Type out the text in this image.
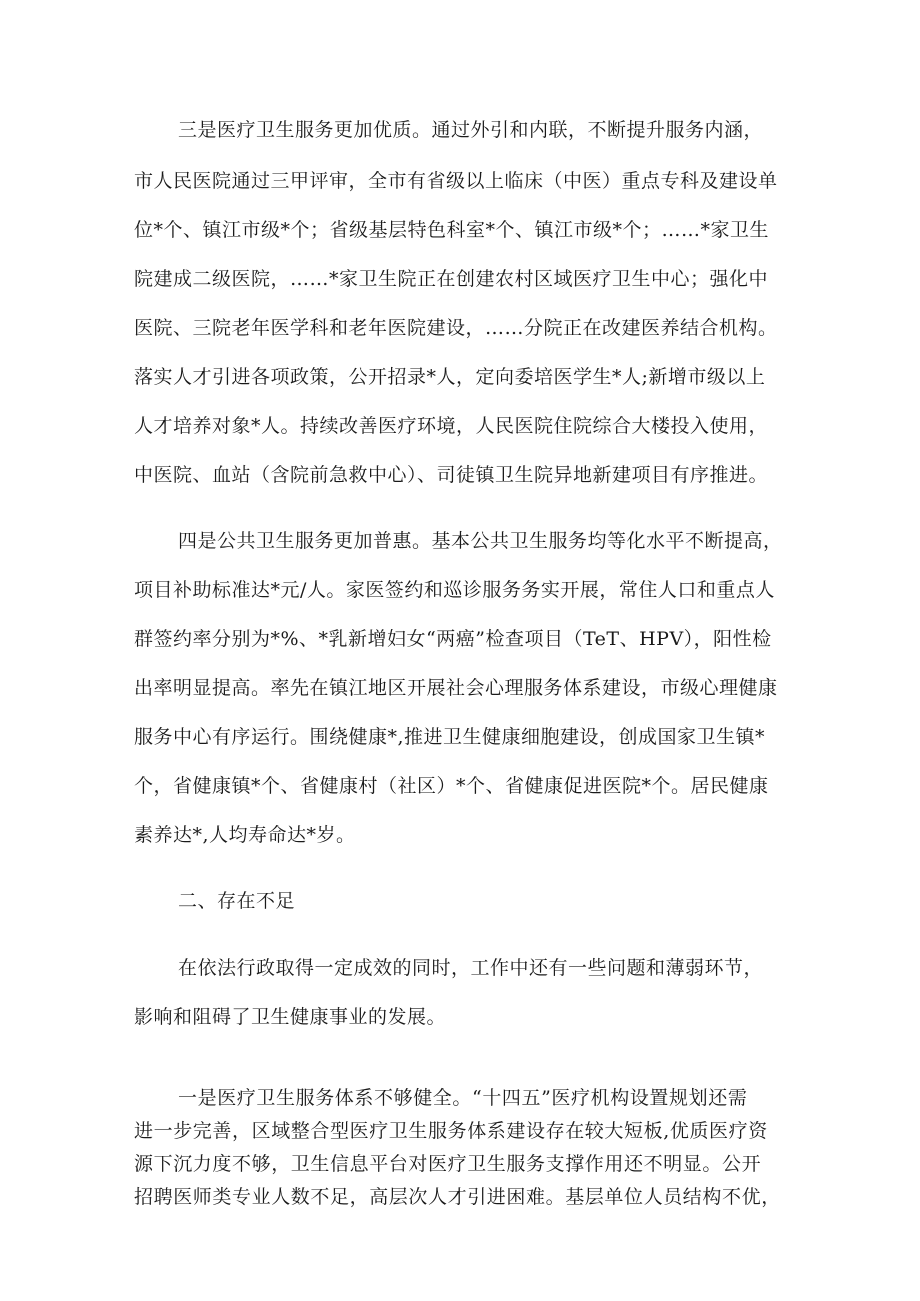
三是医疗卫生服务更加优质。通过外引和内联，不断提升服务内涵，
市人民医院通过三甲评审，全市有省级以上临床（中医）重点专科及建设单
位*个、镇江市级*个；省级基层特色科室*个、镇江市级*个；……*家卫生
院建成二级医院，……*家卫生院正在创建农村区域医疗卫生中心；强化中
医院、三院老年医学科和老年医院建设，……分院正在改建医养结合机构。
落实人才引进各项政策，公开招录*人，定向委培医学生*人;新增市级以上
人才培养对象*人。持续改善医疗环境，人民医院住院综合大楼投入使用，
中医院、血站（含院前急救中心）、司徒镇卫生院异地新建项目有序推进。
四是公共卫生服务更加普惠。基本公共卫生服务均等化水平不断提高，
项目补助标准达*元/人。家医签约和巡诊服务务实开展，常住人口和重点人
群签约率分别为*%、*乳新增妇女“两癌”检查项目（TeT、HPV），阳性检
出率明显提高。率先在镇江地区开展社会心理服务体系建设，市级心理健康
服务中心有序运行。围绕健康*,推进卫生健康细胞建设，创成国家卫生镇*
个，省健康镇*个、省健康村（社区）*个、省健康促进医院*个。居民健康
素养达*,人均寿命达*岁。
二、存在不足
在依法行政取得一定成效的同时，工作中还有一些问题和薄弱环节，
影响和阻碍了卫生健康事业的发展。
一是医疗卫生服务体系不够健全。“十四五”医疗机构设置规划还需
进一步完善，区域整合型医疗卫生服务体系建设存在较大短板,优质医疗资
源下沉力度不够，卫生信息平台对医疗卫生服务支撑作用还不明显。公开
招聘医师类专业人数不足，高层次人才引进困难。基层单位人员结构不优，
